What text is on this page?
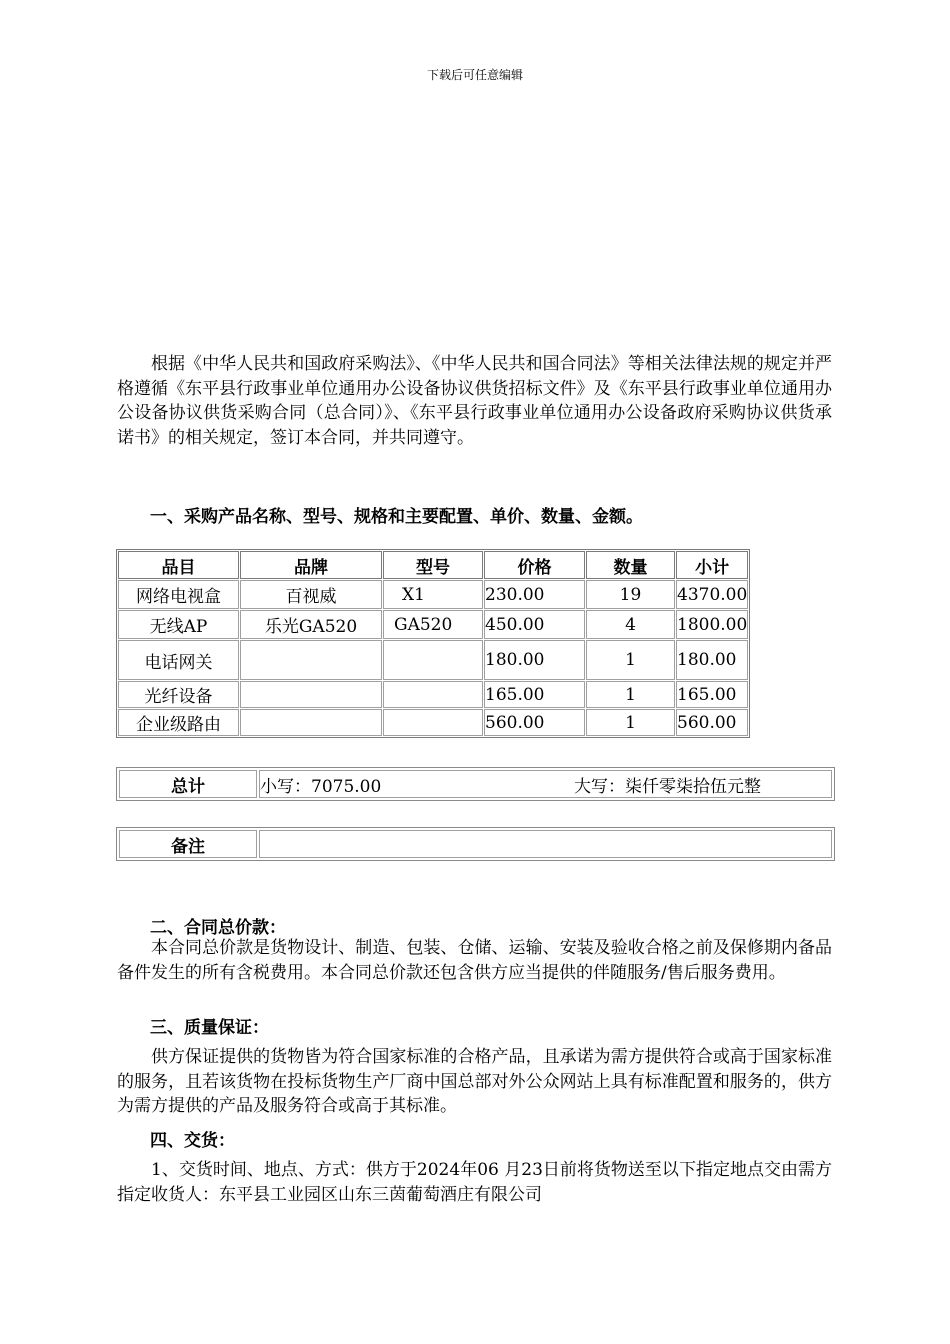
下载后可任意编辑
根据《中华人民共和国政府采购法》、《中华人民共和国合同法》等相关法律法规的规定并严格遵循《东平县行政事业单位通用办公设备协议供货招标文件》及《东平县行政事业单位通用办公设备协议供货采购合同（总合同）》、《东平县行政事业单位通用办公设备政府采购协议供货承诺书》的相关规定，签订本合同，并共同遵守。
一、采购产品名称、型号、规格和主要配置、单价、数量、金额。
品目	品牌	型号	价格	数量	小计
网络电视盒	百视威	X1	230.00	19	4370.00
无线AP	乐光GA520	GA520	450.00	4	1800.00
电话网关			180.00	1	180.00
光纤设备			165.00	1	165.00
企业级路由			560.00	1	560.00
总计	小写：7075.00	大写：柒仟零柒拾伍元整
备注	
二、合同总价款：
本合同总价款是货物设计、制造、包装、仓储、运输、安装及验收合格之前及保修期内备品备件发生的所有含税费用。本合同总价款还包含供方应当提供的伴随服务/售后服务费用。
三、质量保证：
供方保证提供的货物皆为符合国家标准的合格产品，且承诺为需方提供符合或高于国家标准的服务，且若该货物在投标货物生产厂商中国总部对外公众网站上具有标准配置和服务的，供方为需方提供的产品及服务符合或高于其标准。
四、交货：
1、交货时间、地点、方式：供方于2024年06 月23日前将货物送至以下指定地点交由需方指定收货人：东平县工业园区山东三茵葡萄酒庄有限公司
